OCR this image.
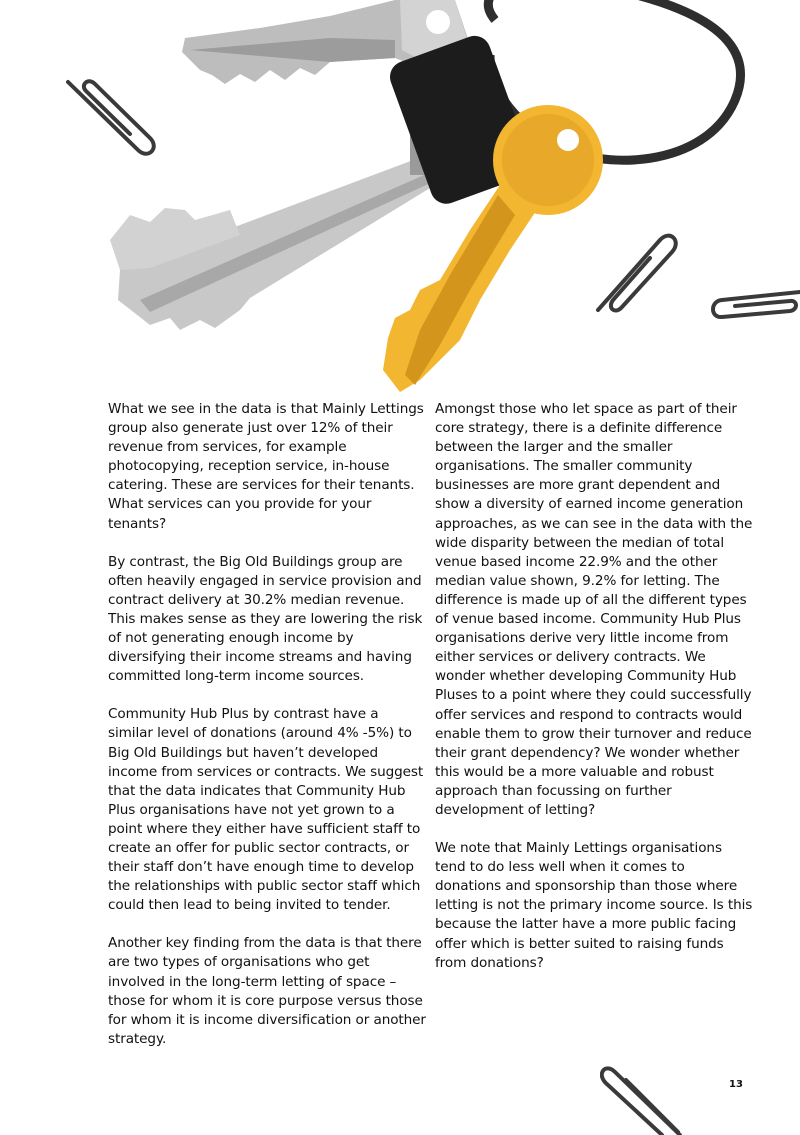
What we see in the data is that Mainly Lettings group also generate just over 12% of their revenue from services, for example photocopying, reception service, in-house catering. These are services for their tenants. What services can you provide for your tenants?

By contrast, the Big Old Buildings group are often heavily engaged in service provision and contract delivery at 30.2% median revenue. This makes sense as they are lowering the risk of not generating enough income by diversifying their income streams and having committed long-term income sources.

Community Hub Plus by contrast have a similar level of donations (around 4% -5%) to Big Old Buildings but haven’t developed income from services or contracts. We suggest that the data indicates that Community Hub Plus organisations have not yet grown to a point where they either have sufficient staff to create an offer for public sector contracts, or their staff don’t have enough time to develop the relationships with public sector staff which could then lead to being invited to tender.

Another key finding from the data is that there are two types of organisations who get involved in the long-term letting of space – those for whom it is core purpose versus those for whom it is income diversification or another strategy.

Amongst those who let space as part of their core strategy, there is a definite difference between the larger and the smaller organisations. The smaller community businesses are more grant dependent and show a diversity of earned income generation approaches, as we can see in the data with the wide disparity between the median of total venue based income 22.9% and the other median value shown, 9.2% for letting. The difference is made up of all the different types of venue based income. Community Hub Plus organisations derive very little income from either services or delivery contracts. We wonder whether developing Community Hub Pluses to a point where they could successfully offer services and respond to contracts would enable them to grow their turnover and reduce their grant dependency? We wonder whether this would be a more valuable and robust approach than focussing on further development of letting?

We note that Mainly Lettings organisations tend to do less well when it comes to donations and sponsorship than those where letting is not the primary income source. Is this because the latter have a more public facing offer which is better suited to raising funds from donations?

13
